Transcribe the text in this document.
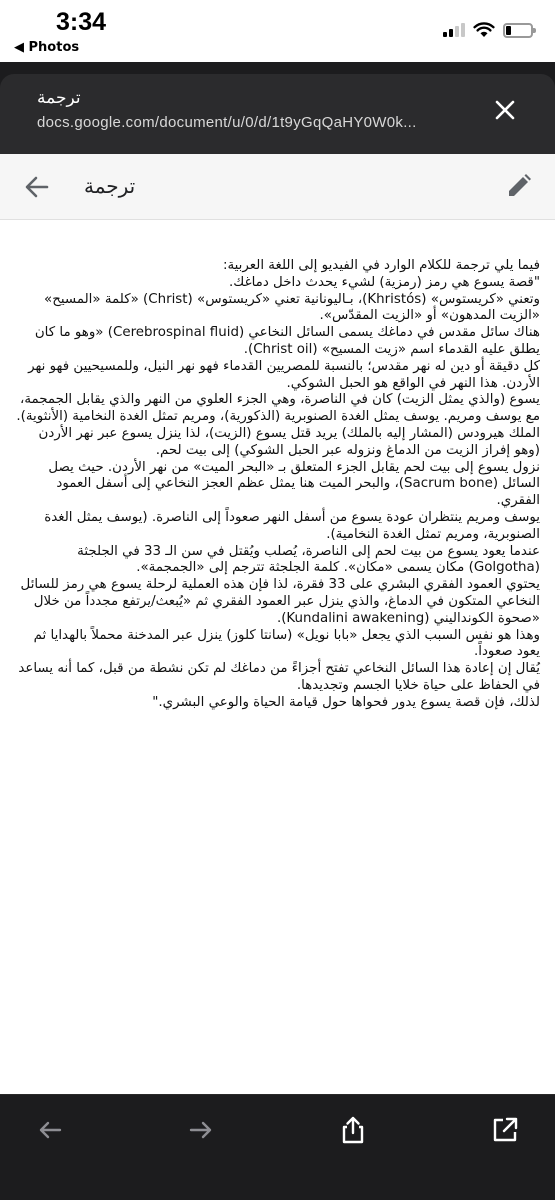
3:34
◀ Photos
ترجمة
docs.google.com/document/u/0/d/1t9yGqQaHY0W0k...
ترجمة

فيما يلي ترجمة للكلام الوارد في الفيديو إلى اللغة العربية:

"قصة يسوع هي رمز (رمزية) لشيء يحدث داخل دماغك.

وتعني «كريستوس» (Khristós)، بـاليونانية تعني «كريستوس» (Christ) «كلمة «المسيح» «الزيت المدهون» أو «الزيت المقدّس».

هناك سائل مقدس في دماغك يسمى السائل النخاعي (Cerebrospinal fluid) «وهو ما كان يطلق عليه القدماء اسم «زيت المسيح» (Christ oil).

كل دقيقة أو دين له نهر مقدس؛ بالنسبة للمصريين القدماء فهو نهر النيل، وللمسيحيين فهو نهر الأردن. هذا النهر في الواقع هو الحبل الشوكي.

يسوع (والذي يمثل الزيت) كان في الناصرة، وهي الجزء العلوي من النهر والذي يقابل الجمجمة، مع يوسف ومريم. يوسف يمثل الغدة الصنوبرية (الذكورية)، ومريم تمثل الغدة النخامية (الأنثوية).

الملك هيرودس (المشار إليه بالملك) يريد قتل يسوع (الزيت)، لذا ينزل يسوع عبر نهر الأردن (وهو إفراز الزيت من الدماغ ونزوله عبر الحبل الشوكي) إلى بيت لحم.

نزول يسوع إلى بيت لحم يقابل الجزء المتعلق بـ «البحر الميت» من نهر الأردن. حيث يصل السائل (Sacrum bone)، والبحر الميت هنا يمثل عظم العجز النخاعي إلى أسفل العمود الفقري.

يوسف ومريم ينتظران عودة يسوع من أسفل النهر صعوداً إلى الناصرة. (يوسف يمثل الغدة الصنوبرية، ومريم تمثل الغدة النخامية).

عندما يعود يسوع من بيت لحم إلى الناصرة، يُصلب ويُقتل في سن الـ 33 في الجلجثة (Golgotha) مكان يسمى «مكان». كلمة الجلجثة تترجم إلى «الجمجمة».

يحتوي العمود الفقري البشري على 33 فقرة، لذا فإن هذه العملية لرحلة يسوع هي رمز للسائل النخاعي المتكون في الدماغ، والذي ينزل عبر العمود الفقري ثم «يُبعث/يرتفع مجدداً من خلال «صحوة الكونداليني (Kundalini awakening).

وهذا هو نفس السبب الذي يجعل «بابا نويل» (سانتا كلوز) ينزل عبر المدخنة محملاً بالهدايا ثم يعود صعوداً.

يُقال إن إعادة هذا السائل النخاعي تفتح أجزاءً من دماغك لم تكن نشطة من قبل، كما أنه يساعد في الحفاظ على حياة خلايا الجسم وتجديدها.

لذلك، فإن قصة يسوع يدور فحواها حول قيامة الحياة والوعي البشري."
